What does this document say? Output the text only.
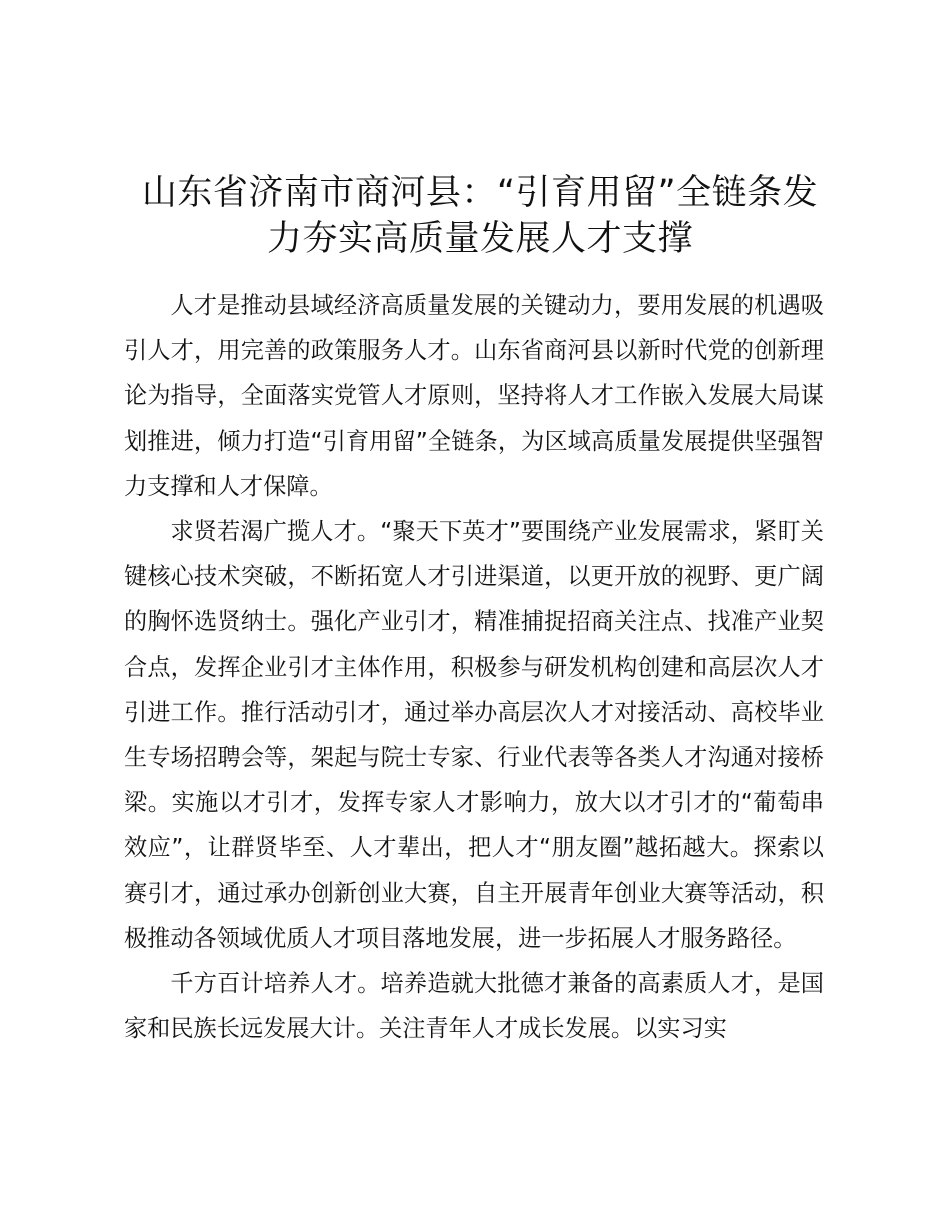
山东省济南市商河县：“引育用留”全链条发
力夯实高质量发展人才支撑

人才是推动县域经济高质量发展的关键动力，要用发展的机遇吸引人才，用完善的政策服务人才。山东省商河县以新时代党的创新理论为指导，全面落实党管人才原则，坚持将人才工作嵌入发展大局谋划推进，倾力打造“引育用留”全链条，为区域高质量发展提供坚强智力支撑和人才保障。

求贤若渴广揽人才。“聚天下英才”要围绕产业发展需求，紧盯关键核心技术突破，不断拓宽人才引进渠道，以更开放的视野、更广阔的胸怀选贤纳士。强化产业引才，精准捕捉招商关注点、找准产业契合点，发挥企业引才主体作用，积极参与研发机构创建和高层次人才引进工作。推行活动引才，通过举办高层次人才对接活动、高校毕业生专场招聘会等，架起与院士专家、行业代表等各类人才沟通对接桥梁。实施以才引才，发挥专家人才影响力，放大以才引才的“葡萄串效应”，让群贤毕至、人才辈出，把人才“朋友圈”越拓越大。探索以赛引才，通过承办创新创业大赛，自主开展青年创业大赛等活动，积极推动各领域优质人才项目落地发展，进一步拓展人才服务路径。

千方百计培养人才。培养造就大批德才兼备的高素质人才，是国家和民族长远发展大计。关注青年人才成长发展。以实习实
